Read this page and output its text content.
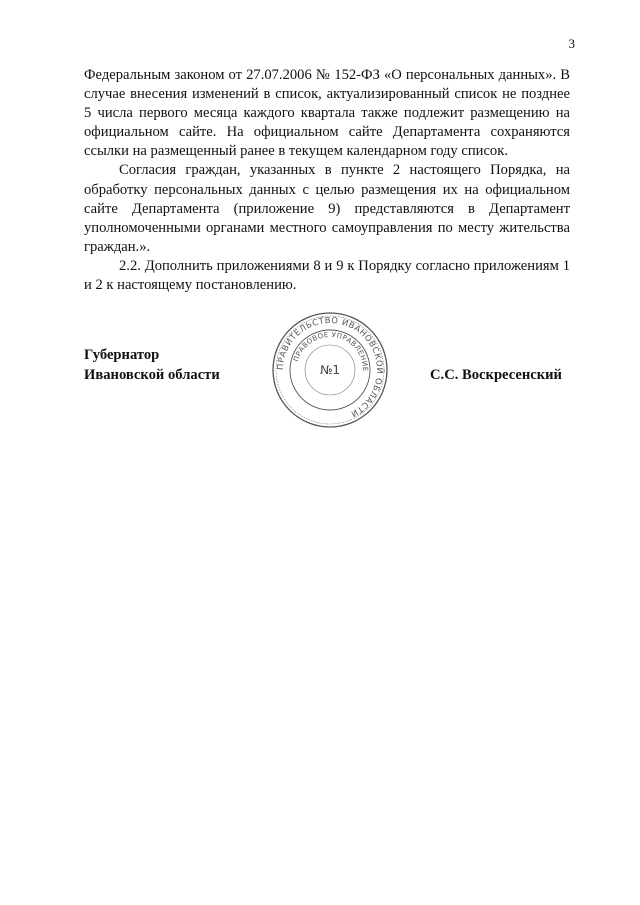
3

Федеральным законом от 27.07.2006 № 152-ФЗ «О персональных данных». В случае внесения изменений в список, актуализированный список не позднее 5 числа первого месяца каждого квартала также подлежит размещению на официальном сайте. На официальном сайте Департамента сохраняются ссылки на размещенный ранее в текущем календарном году список.

Согласия граждан, указанных в пункте 2 настоящего Порядка, на обработку персональных данных с целью размещения их на официальном сайте Департамента (приложение 9) представляются в Департамент уполномоченными органами местного самоуправления по месту жительства граждан.».

2.2. Дополнить приложениями 8 и 9 к Порядку согласно приложениям 1 и 2 к настоящему постановлению.

Губернатор
Ивановской области
ПРАВИТЕЛЬСТВО ИВАНОВСКОЙ ОБЛАСТИ
ПРАВОВОЕ УПРАВЛЕНИЕ
№1	С.С. Воскресенский
